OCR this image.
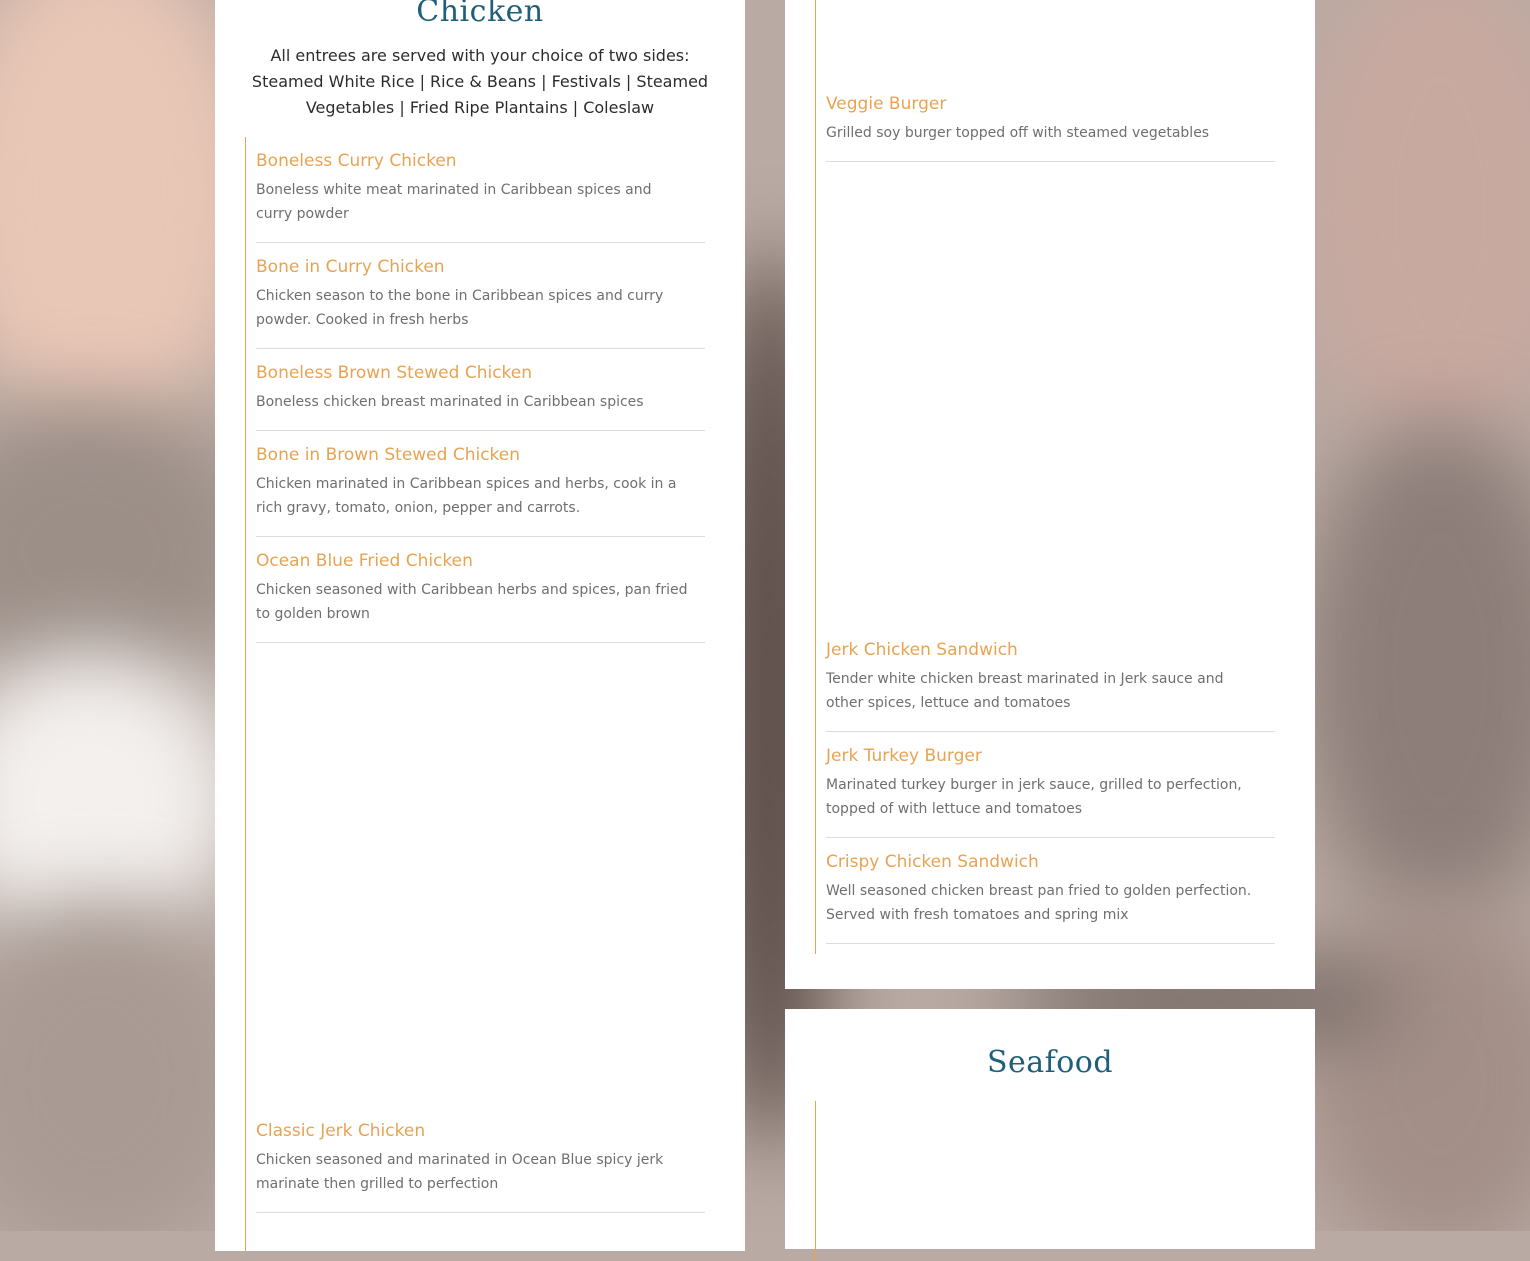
Chicken

All entrees are served with your choice of two sides: Steamed White Rice | Rice & Beans | Festivals | Steamed Vegetables | Fried Ripe Plantains | Coleslaw

Boneless Curry Chicken

Boneless white meat marinated in Caribbean spices and curry powder

Bone in Curry Chicken

Chicken season to the bone in Caribbean spices and curry powder. Cooked in fresh herbs

Boneless Brown Stewed Chicken

Boneless chicken breast marinated in Caribbean spices

Bone in Brown Stewed Chicken

Chicken marinated in Caribbean spices and herbs, cook in a rich gravy, tomato, onion, pepper and carrots.

Ocean Blue Fried Chicken

Chicken seasoned with Caribbean herbs and spices, pan fried to golden brown

Classic Jerk Chicken

Chicken seasoned and marinated in Ocean Blue spicy jerk marinate then grilled to perfection

Veggie Burger

Grilled soy burger topped off with steamed vegetables

Jerk Chicken Sandwich

Tender white chicken breast marinated in Jerk sauce and other spices, lettuce and tomatoes

Jerk Turkey Burger

Marinated turkey burger in jerk sauce, grilled to perfection, topped of with lettuce and tomatoes

Crispy Chicken Sandwich

Well seasoned chicken breast pan fried to golden perfection. Served with fresh tomatoes and spring mix

Seafood
